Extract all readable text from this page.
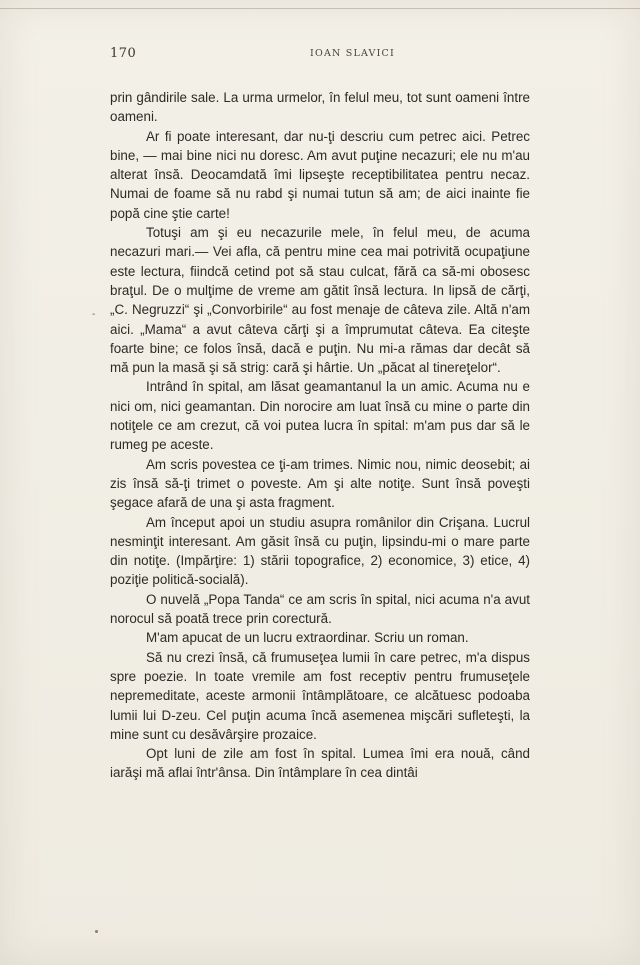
170	IOAN SLAVICI
-

prin gândirile sale. La urma urmelor, în felul meu, tot sunt oameni între oameni.

Ar fi poate interesant, dar nu-ţi descriu cum petrec aici. Petrec bine, — mai bine nici nu doresc. Am avut puţine necazuri; ele nu m'au alterat însă. Deocamdată îmi lipseşte receptibilitatea pentru necaz. Numai de foame să nu rabd şi numai tutun să am; de aici inainte fie popă cine ştie carte!

Totuşi am şi eu necazurile mele, în felul meu, de acuma necazuri mari.— Vei afla, că pentru mine cea mai potrivită ocupaţiune este lectura, fiindcă cetind pot să stau culcat, fără ca să-mi obosesc braţul. De o mulţime de vreme am gătit însă lectura. In lipsă de cărţi, „C. Negruzzi“ şi „Convorbirile“ au fost menaje de câteva zile. Altă n'am aici. „Mama“ a avut câteva cărţi şi a împrumutat câteva. Ea citeşte foarte bine; ce folos însă, dacă e puţin. Nu mi-a rămas dar decât să mă pun la masă şi să strig: cară şi hârtie. Un „păcat al tinereţelor“.

Intrând în spital, am lăsat geamantanul la un amic. Acuma nu e nici om, nici geamantan. Din norocire am luat însă cu mine o parte din notiţele ce am crezut, că voi putea lucra în spital: m'am pus dar să le rumeg pe aceste.

Am scris povestea ce ţi-am trimes. Nimic nou, nimic deosebit; ai zis însă să-ţi trimet o poveste. Am şi alte notiţe. Sunt însă poveşti şegace afară de una şi asta fragment.

Am început apoi un studiu asupra românilor din Crişana. Lucrul nesminţit interesant. Am găsit însă cu puţin, lipsindu-mi o mare parte din notiţe. (Impărţire: 1) stării topografice, 2) economice, 3) etice, 4) poziţie politică-socială).

O nuvelă „Popa Tanda“ ce am scris în spital, nici acuma n'a avut norocul să poată trece prin corectură.

M'am apucat de un lucru extraordinar. Scriu un roman.

Să nu crezi însă, că frumuseţea lumii în care petrec, m'a dispus spre poezie. In toate vremile am fost receptiv pentru frumuseţele nepremeditate, aceste armonii întâmplătoare, ce alcătuesc podoaba lumii lui D-zeu. Cel puţin acuma încă asemenea mişcări sufleteşti, la mine sunt cu desăvârşire prozaice.

Opt luni de zile am fost în spital. Lumea îmi era nouă, când iarăşi mă aflai într'ânsa. Din întâmplare în cea dintâi
